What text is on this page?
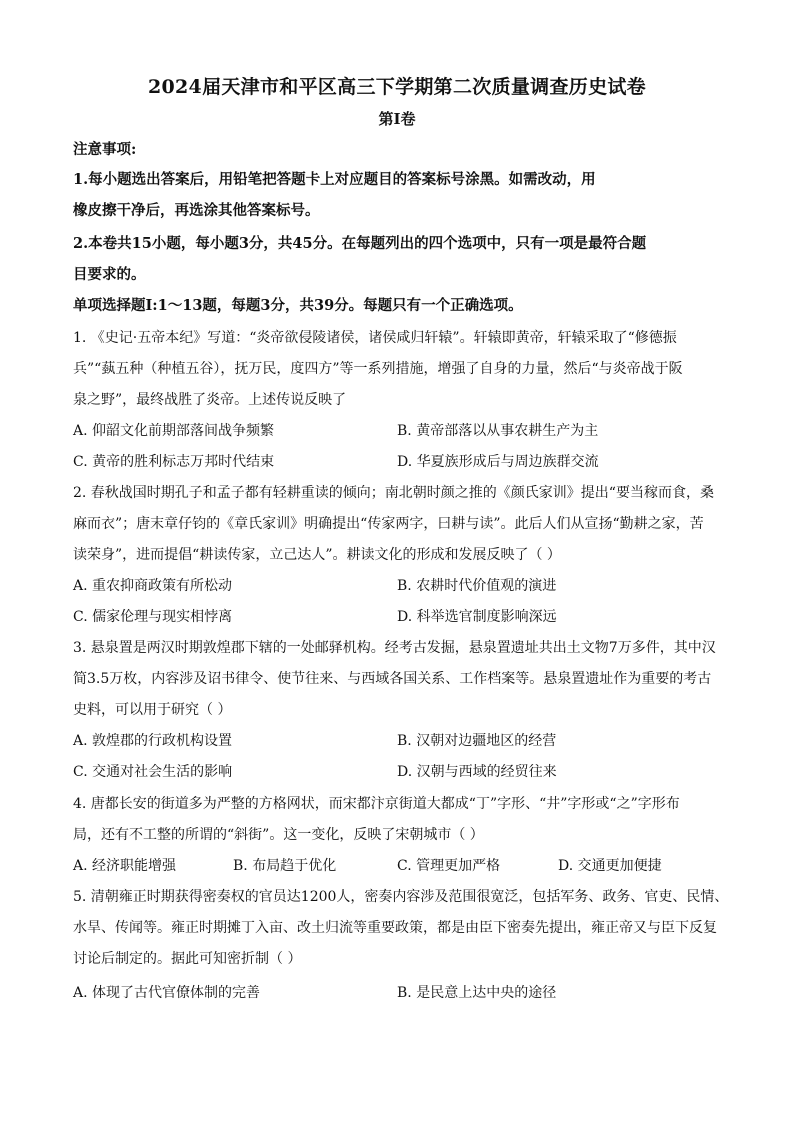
2024届天津市和平区高三下学期第二次质量调查历史试卷
第Ⅰ卷
注意事项:
1.每小题选出答案后，用铅笔把答题卡上对应题目的答案标号涂黑。如需改动，用
橡皮擦干净后，再选涂其他答案标号。
2.本卷共15小题，每小题3分，共45分。在每题列出的四个选项中，只有一项是最符合题
目要求的。
单项选择题Ⅰ:1～13题，每题3分，共39分。每题只有一个正确选项。
1. 《史记·五帝本纪》写道：“炎帝欲侵陵诸侯，诸侯咸归轩辕”。轩辕即黄帝，轩辕采取了“修德振
兵”“蓺五种（种植五谷），抚万民，度四方”等一系列措施，增强了自身的力量，然后“与炎帝战于阪
泉之野”，最终战胜了炎帝。上述传说反映了
A. 仰韶文化前期部落间战争频繁	B. 黄帝部落以从事农耕生产为主
C. 黄帝的胜利标志万邦时代结束	D. 华夏族形成后与周边族群交流
2. 春秋战国时期孔子和孟子都有轻耕重读的倾向；南北朝时颜之推的《颜氏家训》提出“要当稼而食，桑
麻而衣”；唐末章仔钧的《章氏家训》明确提出“传家两字，曰耕与读”。此后人们从宣扬“勤耕之家，苦
读荣身”，进而提倡“耕读传家，立己达人”。耕读文化的形成和发展反映了（ ）
A. 重农抑商政策有所松动	B. 农耕时代价值观的演进
C. 儒家伦理与现实相悖离	D. 科举选官制度影响深远
3. 悬泉置是两汉时期敦煌郡下辖的一处邮驿机构。经考古发掘，悬泉置遗址共出土文物7万多件，其中汉
简3.5万枚，内容涉及诏书律令、使节往来、与西域各国关系、工作档案等。悬泉置遗址作为重要的考古
史料，可以用于研究（ ）
A. 敦煌郡的行政机构设置	B. 汉朝对边疆地区的经营
C. 交通对社会生活的影响	D. 汉朝与西域的经贸往来
4. 唐都长安的街道多为严整的方格网状，而宋都汴京街道大都成“丁”字形、“井”字形或“之”字形布
局，还有不工整的所谓的“斜街”。这一变化，反映了宋朝城市（ ）
A. 经济职能增强	B. 布局趋于优化	C. 管理更加严格	D. 交通更加便捷
5. 清朝雍正时期获得密奏权的官员达1200人，密奏内容涉及范围很宽泛，包括军务、政务、官吏、民情、
水旱、传闻等。雍正时期摊丁入亩、改土归流等重要政策，都是由臣下密奏先提出，雍正帝又与臣下反复
讨论后制定的。据此可知密折制（ ）
A. 体现了古代官僚体制的完善	B. 是民意上达中央的途径
